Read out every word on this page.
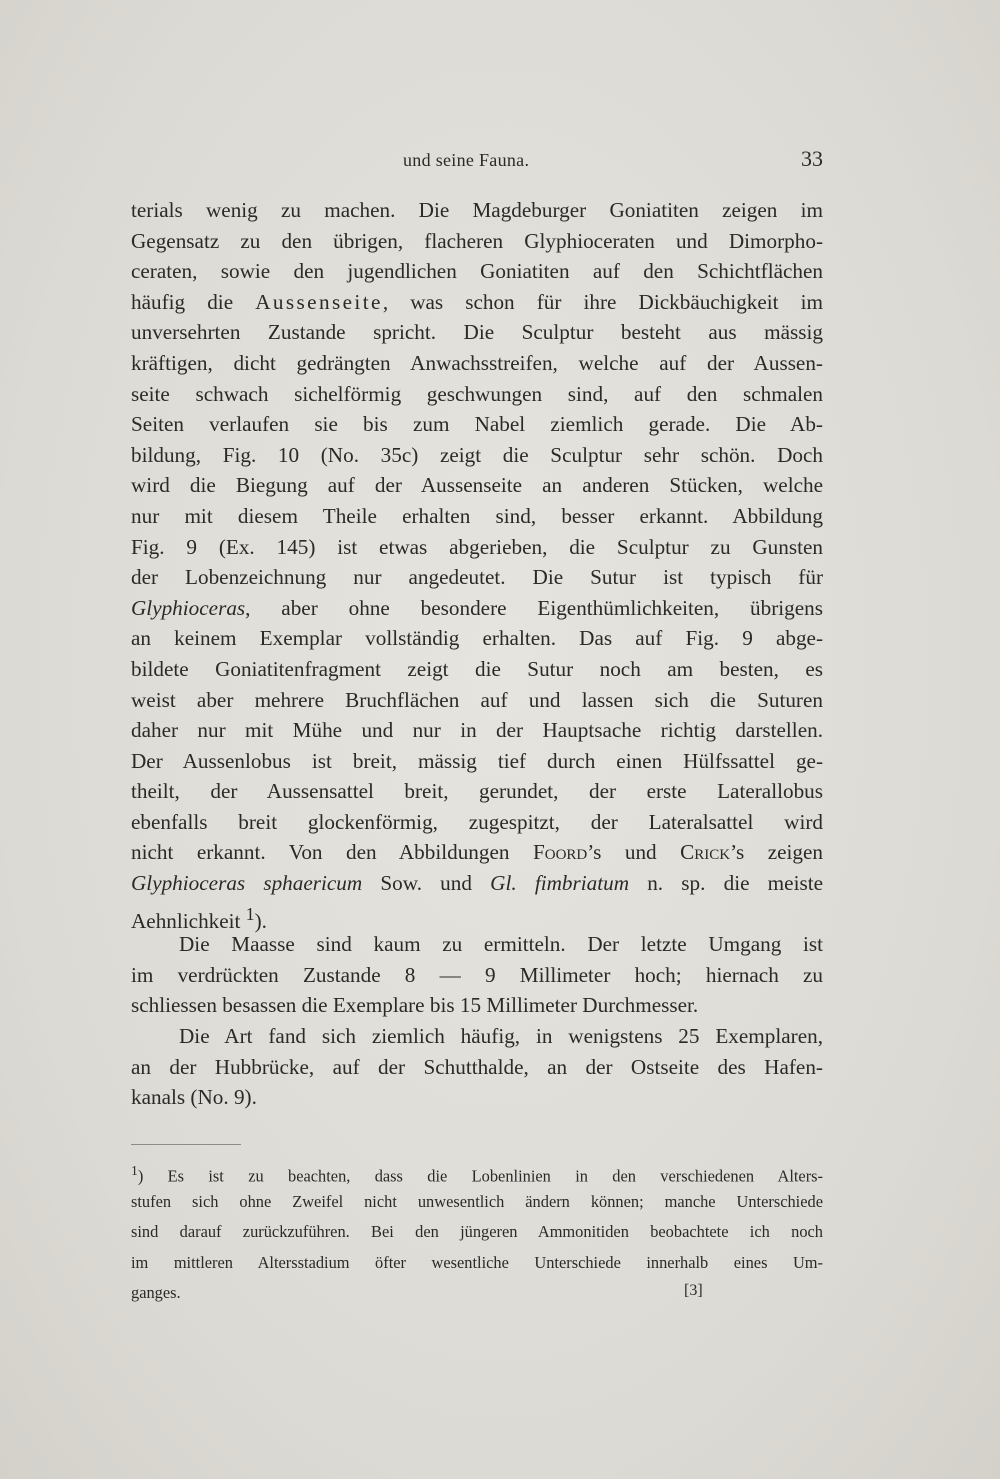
und seine Fauna.	33
terials wenig zu machen. Die Magdeburger Goniatiten zeigen im
Gegensatz zu den übrigen, flacheren Glyphioceraten und Dimorpho-
ceraten, sowie den jugendlichen Goniatiten auf den Schichtflächen
häufig die Aussenseite, was schon für ihre Dickbäuchigkeit im
unversehrten Zustande spricht. Die Sculptur besteht aus mässig
kräftigen, dicht gedrängten Anwachsstreifen, welche auf der Aussen-
seite schwach sichelförmig geschwungen sind, auf den schmalen
Seiten verlaufen sie bis zum Nabel ziemlich gerade. Die Ab-
bildung, Fig. 10 (No. 35c) zeigt die Sculptur sehr schön. Doch
wird die Biegung auf der Aussenseite an anderen Stücken, welche
nur mit diesem Theile erhalten sind, besser erkannt. Abbildung
Fig. 9 (Ex. 145) ist etwas abgerieben, die Sculptur zu Gunsten
der Lobenzeichnung nur angedeutet. Die Sutur ist typisch für
Glyphioceras, aber ohne besondere Eigenthümlichkeiten, übrigens
an keinem Exemplar vollständig erhalten. Das auf Fig. 9 abge-
bildete Goniatitenfragment zeigt die Sutur noch am besten, es
weist aber mehrere Bruchflächen auf und lassen sich die Suturen
daher nur mit Mühe und nur in der Hauptsache richtig darstellen.
Der Aussenlobus ist breit, mässig tief durch einen Hülfssattel ge-
theilt, der Aussensattel breit, gerundet, der erste Laterallobus
ebenfalls breit glockenförmig, zugespitzt, der Lateralsattel wird
nicht erkannt. Von den Abbildungen Foord’s und Crick’s zeigen
Glyphioceras sphaericum Sow. und Gl. fimbriatum n. sp. die meiste
Aehnlichkeit $^1$).
Die Maasse sind kaum zu ermitteln. Der letzte Umgang ist
im verdrückten Zustande 8 — 9 Millimeter hoch; hiernach zu
schliessen besassen die Exemplare bis 15 Millimeter Durchmesser.
Die Art fand sich ziemlich häufig, in wenigstens 25 Exemplaren,
an der Hubbrücke, auf der Schutthalde, an der Ostseite des Hafen-
kanals (No. 9).
$^1$) Es ist zu beachten, dass die Lobenlinien in den verschiedenen Alters-
stufen sich ohne Zweifel nicht unwesentlich ändern können; manche Unterschiede
sind darauf zurückzuführen. Bei den jüngeren Ammonitiden beobachtete ich noch
im mittleren Altersstadium öfter wesentliche Unterschiede innerhalb eines Um-
ganges.	[3]
